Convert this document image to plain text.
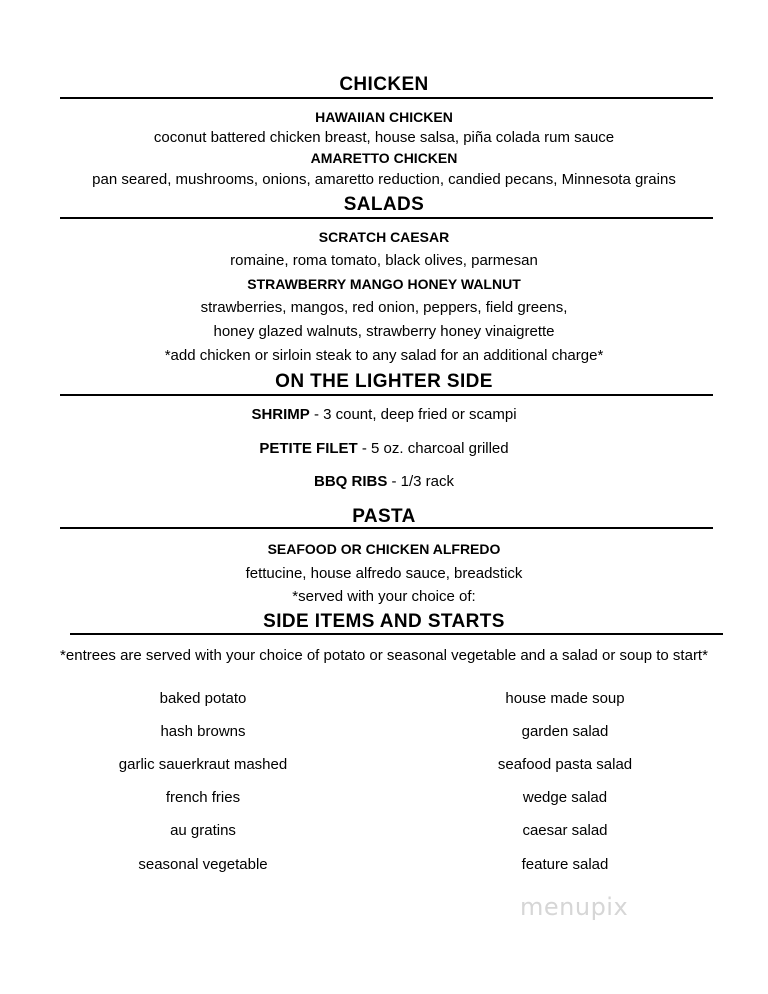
CHICKEN
HAWAIIAN CHICKEN
coconut battered chicken breast, house salsa, piña colada rum sauce
AMARETTO CHICKEN
pan seared, mushrooms, onions, amaretto reduction, candied pecans, Minnesota grains
SALADS
SCRATCH CAESAR
romaine, roma tomato, black olives, parmesan
STRAWBERRY MANGO HONEY WALNUT
strawberries, mangos, red onion, peppers, field greens,
honey glazed walnuts, strawberry honey vinaigrette
*add chicken or sirloin steak to any salad for an additional charge*
ON THE LIGHTER SIDE
SHRIMP - 3 count, deep fried or scampi
PETITE FILET - 5 oz. charcoal grilled
BBQ RIBS - 1/3 rack
PASTA
SEAFOOD OR CHICKEN ALFREDO
fettucine, house alfredo sauce, breadstick
*served with your choice of:
SIDE ITEMS AND STARTS
*entrees are served with your choice of potato or seasonal vegetable and a salad or soup to start*
baked potato
hash browns
garlic sauerkraut mashed
french fries
au gratins
seasonal vegetable
house made soup
garden salad
seafood pasta salad
wedge salad
caesar salad
feature salad
menupix
